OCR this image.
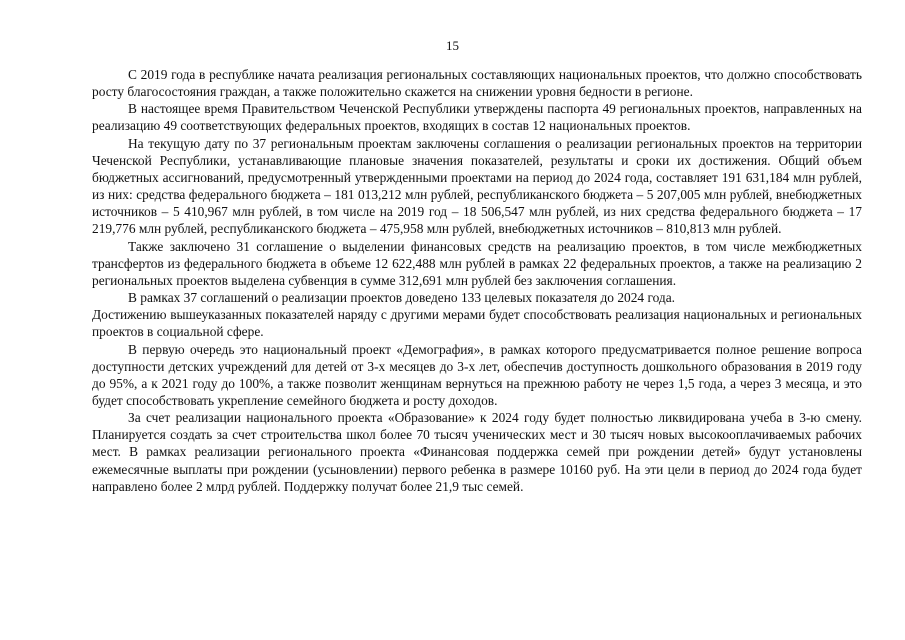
15

С 2019 года в республике начата реализация региональных составляющих национальных проектов, что должно способствовать росту благосостояния граждан, а также положительно скажется на снижении уровня бедности в регионе.

В настоящее время Правительством Чеченской Республики утверждены паспорта 49 региональных проектов, направленных на реализацию 49 соответствующих федеральных проектов, входящих в состав 12 национальных проектов.

На текущую дату по 37 региональным проектам заключены соглашения о реализации региональных проектов на территории Чеченской Республики, устанавливающие плановые значения показателей, результаты и сроки их достижения. Общий объем бюджетных ассигнований, предусмотренный утвержденными проектами на период до 2024 года, составляет 191 631,184 млн рублей, из них: средства федерального бюджета – 181 013,212 млн рублей, республиканского бюджета – 5 207,005 млн рублей, внебюджетных источников – 5 410,967 млн рублей, в том числе на 2019 год – 18 506,547 млн рублей, из них средства федерального бюджета – 17 219,776 млн рублей, республиканского бюджета – 475,958 млн рублей, внебюджетных источников – 810,813 млн рублей.

Также заключено 31 соглашение о выделении финансовых средств на реализацию проектов, в том числе межбюджетных трансфертов из федерального бюджета в объеме 12 622,488 млн рублей в рамках 22 федеральных проектов, а также на реализацию 2 региональных проектов выделена субвенция в сумме 312,691 млн рублей без заключения соглашения.

В рамках 37 соглашений о реализации проектов доведено 133 целевых показателя до 2024 года.

Достижению вышеуказанных показателей наряду с другими мерами будет способствовать реализация национальных и региональных проектов в социальной сфере.

В первую очередь это национальный проект «Демография», в рамках которого предусматривается полное решение вопроса доступности детских учреждений для детей от 3-х месяцев до 3-х лет, обеспечив доступность дошкольного образования в 2019 году до 95%, а к 2021 году до 100%, а также позволит женщинам вернуться на прежнюю работу не через 1,5 года, а через 3 месяца, и это будет способствовать укрепление семейного бюджета и росту доходов.

За счет реализации национального проекта «Образование» к 2024 году будет полностью ликвидирована учеба в 3-ю смену. Планируется создать за счет строительства школ более 70 тысяч ученических мест и 30 тысяч новых высокооплачиваемых рабочих мест. В рамках реализации регионального проекта «Финансовая поддержка семей при рождении детей» будут установлены ежемесячные выплаты при рождении (усыновлении) первого ребенка в размере 10160 руб. На эти цели в период до 2024 года будет направлено более 2 млрд рублей. Поддержку получат более 21,9 тыс семей.
